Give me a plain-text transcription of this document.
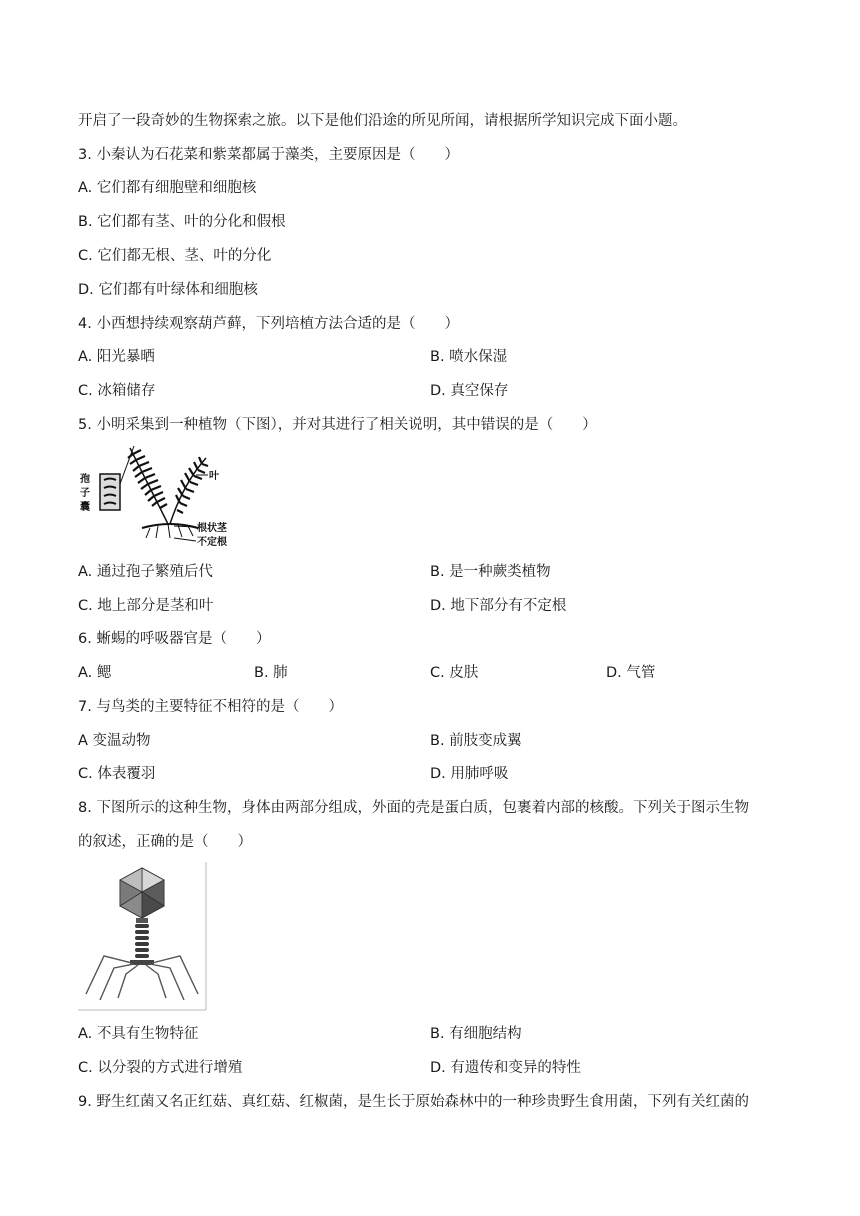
开启了一段奇妙的生物探索之旅。以下是他们沿途的所见所闻，请根据所学知识完成下面小题。
3. 小秦认为石花菜和紫菜都属于藻类，主要原因是（　　）
A. 它们都有细胞壁和细胞核
B. 它们都有茎、叶的分化和假根
C. 它们都无根、茎、叶的分化
D. 它们都有叶绿体和细胞核
4. 小西想持续观察葫芦藓，下列培植方法合适的是（　　）
A. 阳光暴晒	B. 喷水保湿
C. 冰箱储存	D. 真空保存
5. 小明采集到一种植物（下图），并对其进行了相关说明，其中错误的是（　　）
孢
子
囊
叶
根状茎
不定根
A. 通过孢子繁殖后代	B. 是一种蕨类植物
C. 地上部分是茎和叶	D. 地下部分有不定根
6. 蜥蜴的呼吸器官是（　　）
A. 鳃	B. 肺	C. 皮肤	D. 气管
7. 与鸟类的主要特征不相符的是（　　）
A 变温动物	B. 前肢变成翼
C. 体表覆羽	D. 用肺呼吸
8. 下图所示的这种生物，身体由两部分组成，外面的壳是蛋白质，包裹着内部的核酸。下列关于图示生物
的叙述，正确的是（　　）
A. 不具有生物特征	B. 有细胞结构
C. 以分裂的方式进行增殖	D. 有遗传和变异的特性
9. 野生红菌又名正红菇、真红菇、红椒菌，是生长于原始森林中的一种珍贵野生食用菌，下列有关红菌的
